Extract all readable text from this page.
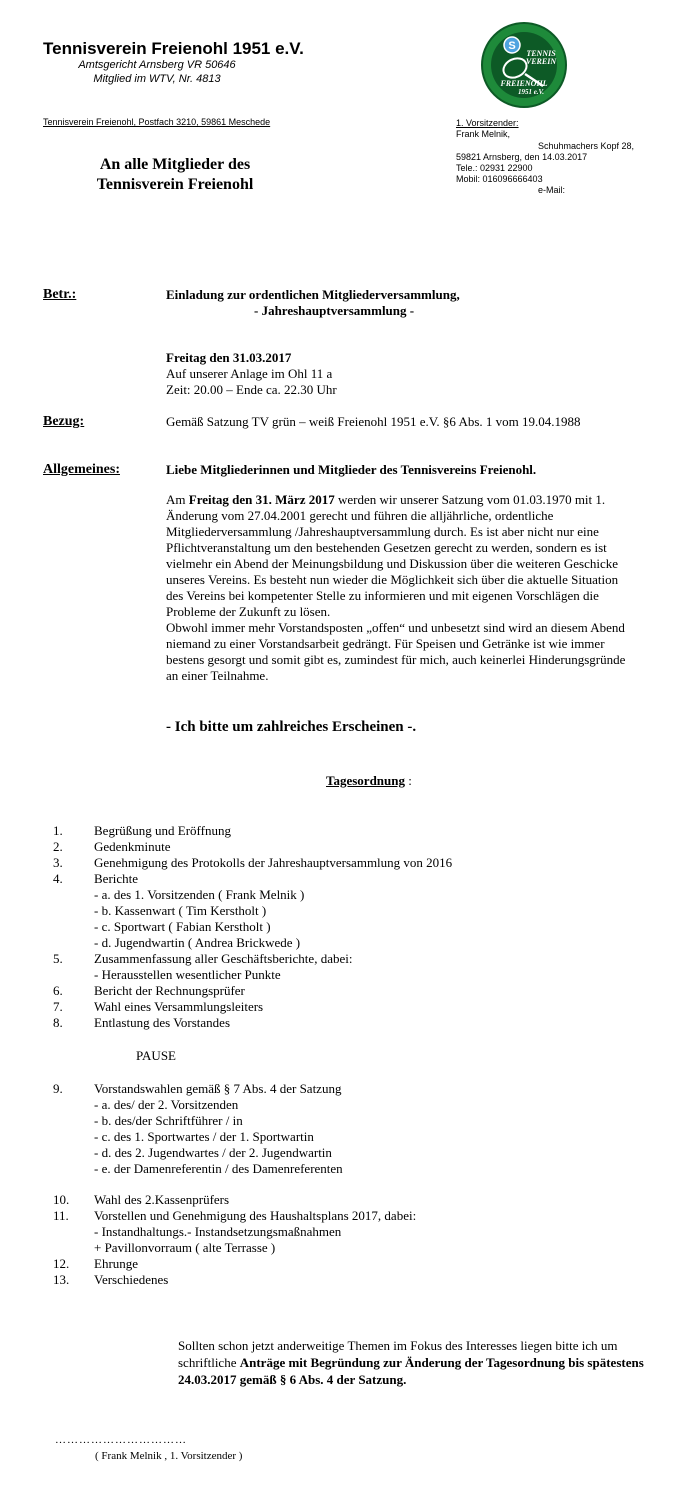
Tennisverein Freienohl 1951 e.V.
Amtsgericht Arnsberg VR 50646
Mitglied im WTV, Nr. 4813
Tennisverein Freienohl, Postfach 3210, 59861 Meschede
An alle Mitglieder des
Tennisverein Freienohl
S
TENNIS
VEREIN
FREIENOHL
1951 e.V.
1. Vorsitzender:
Frank Melnik,
Schuhmachers Kopf 28,
59821 Arnsberg, den 14.03.2017
Tele.: 02931 22900
Mobil: 016096666403
e-Mail:
Betr.:	Einladung zur ordentlichen Mitgliederversammlung,
- Jahreshauptversammlung -
Freitag den 31.03.2017
Auf unserer Anlage im Ohl 11 a
Zeit: 20.00 – Ende ca. 22.30 Uhr
Bezug:	Gemäß Satzung TV grün – weiß Freienohl 1951 e.V. §6 Abs. 1 vom 19.04.1988
Allgemeines:	Liebe Mitgliederinnen und Mitglieder des Tennisvereins Freienohl.
Am Freitag den 31. März 2017 werden wir unserer Satzung vom 01.03.1970 mit 1. Änderung vom 27.04.2001 gerecht und führen die alljährliche, ordentliche Mitgliederversammlung /Jahreshauptversammlung durch. Es ist aber nicht nur eine Pflichtveranstaltung um den bestehenden Gesetzen gerecht zu werden, sondern es ist vielmehr ein Abend der Meinungsbildung und Diskussion über die weiteren Geschicke unseres Vereins. Es besteht nun wieder die Möglichkeit sich über die aktuelle Situation des Vereins bei kompetenter Stelle zu informieren und mit eigenen Vorschlägen die Probleme der Zukunft zu lösen.
Obwohl immer mehr Vorstandsposten „offen“ und unbesetzt sind wird an diesem Abend niemand zu einer Vorstandsarbeit gedrängt. Für Speisen und Getränke ist wie immer bestens gesorgt und somit gibt es, zumindest für mich, auch keinerlei Hinderungsgründe an einer Teilnahme.
- Ich bitte um zahlreiches Erscheinen -.
Tagesordnung :
1. Begrüßung und Eröffnung
2. Gedenkminute
3. Genehmigung des Protokolls der Jahreshauptversammlung von 2016
4. Berichte
- a. des 1. Vorsitzenden ( Frank Melnik )
- b. Kassenwart ( Tim Kerstholt )
- c. Sportwart ( Fabian Kerstholt )
- d. Jugendwartin ( Andrea Brickwede )
5. Zusammenfassung aller Geschäftsberichte, dabei:
- Herausstellen wesentlicher Punkte
6. Bericht der Rechnungsprüfer
7. Wahl eines Versammlungsleiters
8. Entlastung des Vorstandes
9. Vorstandswahlen gemäß § 7 Abs. 4 der Satzung
- a. des/ der 2. Vorsitzenden
- b. des/der Schriftführer / in
- c. des 1. Sportwartes / der 1. Sportwartin
- d. des 2. Jugendwartes / der 2. Jugendwartin
- e. der Damenreferentin / des Damenreferenten
10. Wahl des 2.Kassenprüfers
11. Vorstellen und Genehmigung des Haushaltsplans 2017, dabei:
- Instandhaltungs.- Instandsetzungsmaßnahmen
+ Pavillonvorraum ( alte Terrasse )
12. Ehrunge
13. Verschiedenes
PAUSE
Sollten schon jetzt anderweitige Themen im Fokus des Interesses liegen bitte ich um schriftliche Anträge mit Begründung zur Änderung der Tagesordnung bis spätestens 24.03.2017 gemäß § 6 Abs. 4 der Satzung.
……………………………
( Frank Melnik , 1. Vorsitzender )
